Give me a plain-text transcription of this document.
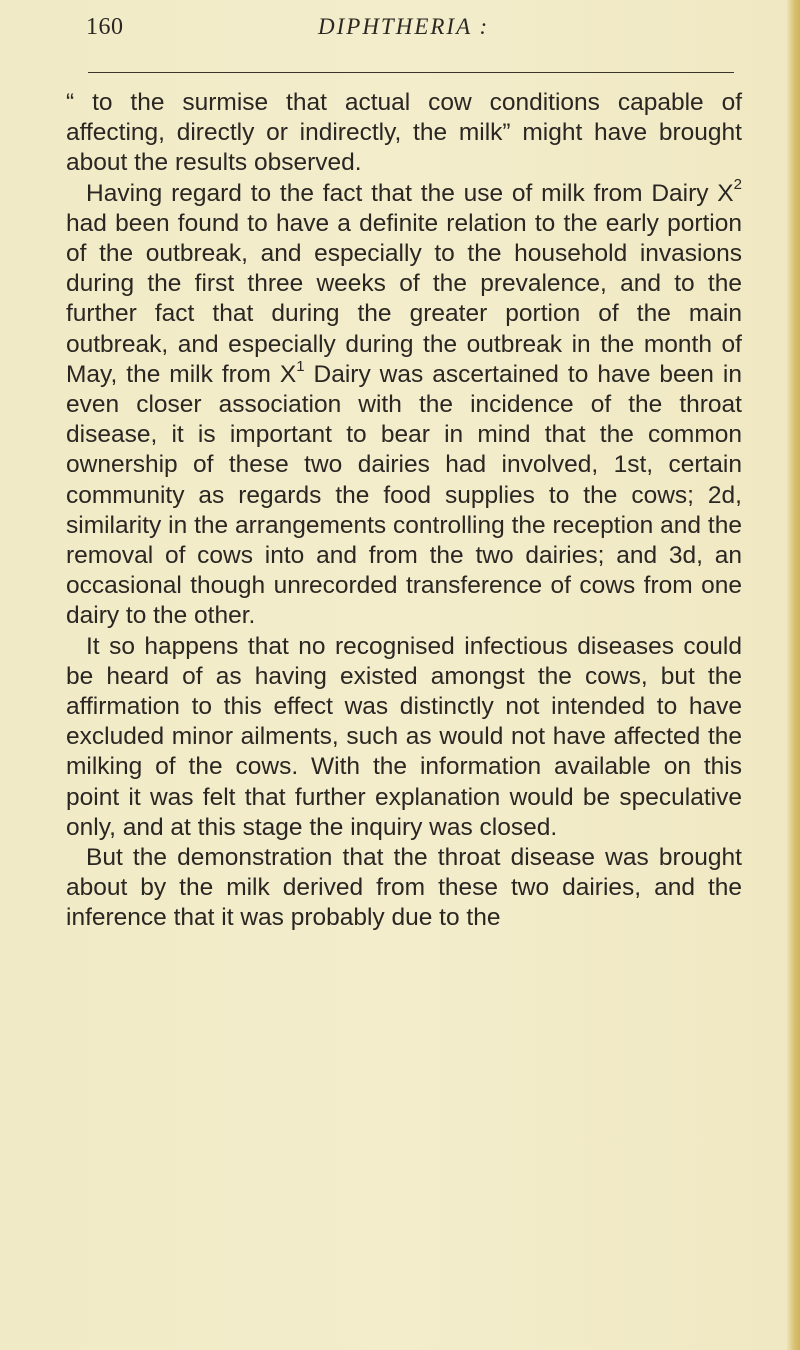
160	DIPHTHERIA :

“ to the surmise that actual cow conditions capable of affecting, directly or indirectly, the milk” might have brought about the results observed.

Having regard to the fact that the use of milk from Dairy $X^2$ had been found to have a definite relation to the early portion of the outbreak, and especially to the household invasions during the first three weeks of the prevalence, and to the further fact that during the greater portion of the main outbreak, and especially during the outbreak in the month of May, the milk from $X^1$ Dairy was ascertained to have been in even closer association with the incidence of the throat disease, it is important to bear in mind that the common ownership of these two dairies had involved, 1st, certain community as regards the food supplies to the cows; 2d, similarity in the arrangements controlling the reception and the removal of cows into and from the two dairies; and 3d, an occasional though unrecorded transference of cows from one dairy to the other.

It so happens that no recognised infectious diseases could be heard of as having existed amongst the cows, but the affirmation to this effect was distinctly not intended to have excluded minor ailments, such as would not have affected the milking of the cows. With the information available on this point it was felt that further explanation would be speculative only, and at this stage the inquiry was closed.

But the demonstration that the throat disease was brought about by the milk derived from these two dairies, and the inference that it was probably due to the
